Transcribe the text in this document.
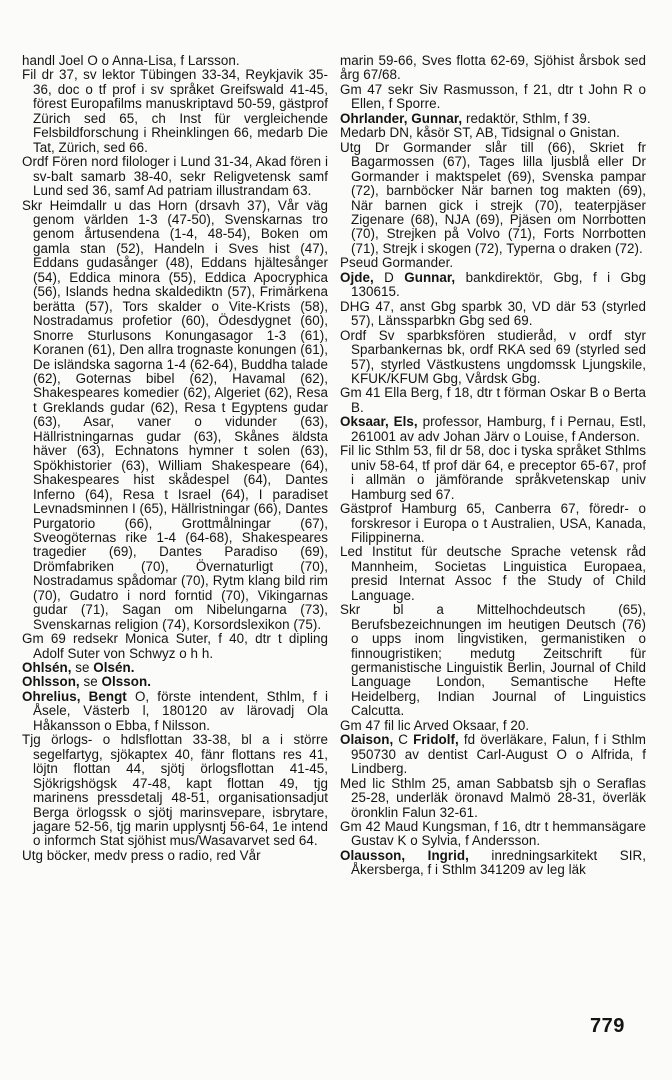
handl Joel O o Anna-Lisa, f Larsson.

Fil dr 37, sv lektor Tübingen 33-34, Reykjavik 35-36, doc o tf prof i sv språket Greifswald 41-45, förest Europafilms manuskriptavd 50-59, gästprof Zürich sed 65, ch Inst für vergleichende Felsbildforschung i Rheinklingen 66, medarb Die Tat, Zürich, sed 66.

Ordf Fören nord filologer i Lund 31-34, Akad fören i sv-balt samarb 38-40, sekr Religvetensk samf Lund sed 36, samf Ad patriam illustrandam 63.

Skr Heimdallr u das Horn (drsavh 37), Vår väg genom världen 1-3 (47-50), Svenskarnas tro genom årtusendena (1-4, 48-54), Boken om gamla stan (52), Handeln i Sves hist (47), Eddans gudasånger (48), Eddans hjältesånger (54), Eddica minora (55), Eddica Apocryphica (56), Islands hedna skaldediktn (57), Frimärkena berätta (57), Tors skalder o Vite-Krists (58), Nostradamus profetior (60), Ödesdygnet (60), Snorre Sturlusons Konungasagor 1-3 (61), Koranen (61), Den allra trognaste konungen (61), De isländska sagorna 1-4 (62-64), Buddha talade (62), Goternas bibel (62), Havamal (62), Shakespeares komedier (62), Algeriet (62), Resa t Greklands gudar (62), Resa t Egyptens gudar (63), Asar, vaner o vidunder (63), Hällristningarnas gudar (63), Skånes äldsta häver (63), Echnatons hymner t solen (63), Spökhistorier (63), William Shakespeare (64), Shakespeares hist skådespel (64), Dantes Inferno (64), Resa t Israel (64), I paradiset Levnadsminnen I (65), Hällristningar (66), Dantes Purgatorio (66), Grottmålningar (67), Sveogöternas rike 1-4 (64-68), Shakespeares tragedier (69), Dantes Paradiso (69), Drömfabriken (70), Övernaturligt (70), Nostradamus spådomar (70), Rytm klang bild rim (70), Gudatro i nord forntid (70), Vikingarnas gudar (71), Sagan om Nibelungarna (73), Svenskarnas religion (74), Korsordslexikon (75).

Gm 69 redsekr Monica Suter, f 40, dtr t dipling Adolf Suter von Schwyz o h h.

Ohlsén, se Olsén.

Ohlsson, se Olsson.

Ohrelius, Bengt O, förste intendent, Sthlm, f i Åsele, Västerb l, 180120 av lärovadj Ola Håkansson o Ebba, f Nilsson.

Tjg örlogs- o hdlsflottan 33-38, bl a i större segelfartyg, sjökaptex 40, fänr flottans res 41, löjtn flottan 44, sjötj örlogsflottan 41-45, Sjökrigshögsk 47-48, kapt flottan 49, tjg marinens pressdetalj 48-51, organisationsadjut Berga örlogssk o sjötj marinsvepare, isbrytare, jagare 52-56, tjg marin upplysntj 56-64, 1e intend o informch Stat sjöhist mus/Wasavarvet sed 64.

Utg böcker, medv press o radio, red Vår

marin 59-66, Sves flotta 62-69, Sjöhist årsbok sed årg 67/68.

Gm 47 sekr Siv Rasmusson, f 21, dtr t John R o Ellen, f Sporre.

Ohrlander, Gunnar, redaktör, Sthlm, f 39.

Medarb DN, kåsör ST, AB, Tidsignal o Gnistan.

Utg Dr Gormander slår till (66), Skriet fr Bagarmossen (67), Tages lilla ljusblå eller Dr Gormander i maktspelet (69), Svenska pampar (72), barnböcker När barnen tog makten (69), När barnen gick i strejk (70), teaterpjäser Zigenare (68), NJA (69), Pjäsen om Norrbotten (70), Strejken på Volvo (71), Forts Norrbotten (71), Strejk i skogen (72), Typerna o draken (72).

Pseud Gormander.

Ojde, D Gunnar, bankdirektör, Gbg, f i Gbg 130615.

DHG 47, anst Gbg sparbk 30, VD där 53 (styrled 57), Länssparbkn Gbg sed 69.

Ordf Sv sparbksfören studieråd, v ordf styr Sparbankernas bk, ordf RKA sed 69 (styrled sed 57), styrled Västkustens ungdomssk Ljungskile, KFUK/KFUM Gbg, Vårdsk Gbg.

Gm 41 Ella Berg, f 18, dtr t förman Oskar B o Berta B.

Oksaar, Els, professor, Hamburg, f i Pernau, Estl, 261001 av adv Johan Järv o Louise, f Anderson.

Fil lic Sthlm 53, fil dr 58, doc i tyska språket Sthlms univ 58-64, tf prof där 64, e preceptor 65-67, prof i allmän o jämförande språkvetenskap univ Hamburg sed 67.

Gästprof Hamburg 65, Canberra 67, föredr- o forskresor i Europa o t Australien, USA, Kanada, Filippinerna.

Led Institut für deutsche Sprache vetensk råd Mannheim, Societas Linguistica Europaea, presid Internat Assoc f the Study of Child Language.

Skr bl a Mittelhochdeutsch (65), Berufsbezeichnungen im heutigen Deutsch (76) o upps inom lingvistiken, germanistiken o finnougristiken; medutg Zeitschrift für germanistische Linguistik Berlin, Journal of Child Language London, Semantische Hefte Heidelberg, Indian Journal of Linguistics Calcutta.

Gm 47 fil lic Arved Oksaar, f 20.

Olaison, C Fridolf, fd överläkare, Falun, f i Sthlm 950730 av dentist Carl-August O o Alfrida, f Lindberg.

Med lic Sthlm 25, aman Sabbatsb sjh o Seraflas 25-28, underläk öronavd Malmö 28-31, överläk öronklin Falun 32-61.

Gm 42 Maud Kungsman, f 16, dtr t hemmansägare Gustav K o Sylvia, f Andersson.

Olausson, Ingrid, inredningsarkitekt SIR, Åkersberga, f i Sthlm 341209 av leg läk

779
